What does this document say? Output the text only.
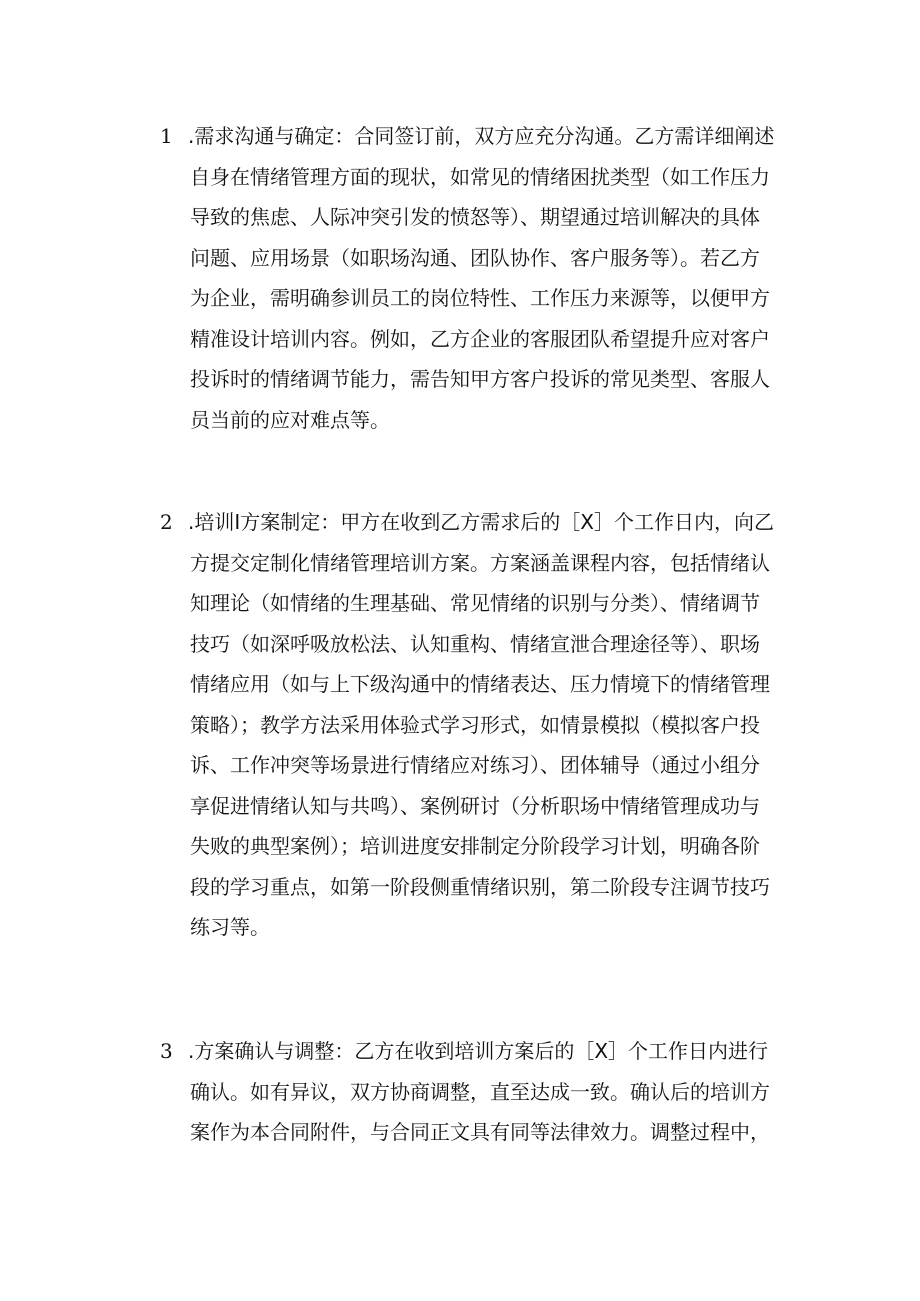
1 .需求沟通与确定：合同签订前，双方应充分沟通。乙方需详细阐述
自身在情绪管理方面的现状，如常见的情绪困扰类型（如工作压力
导致的焦虑、人际冲突引发的愤怒等）、期望通过培训解决的具体
问题、应用场景（如职场沟通、团队协作、客户服务等）。若乙方
为企业，需明确参训员工的岗位特性、工作压力来源等，以便甲方
精准设计培训内容。例如，乙方企业的客服团队希望提升应对客户
投诉时的情绪调节能力，需告知甲方客户投诉的常见类型、客服人
员当前的应对难点等。

2 .培训I方案制定：甲方在收到乙方需求后的［X］个工作日内，向乙
方提交定制化情绪管理培训方案。方案涵盖课程内容，包括情绪认
知理论（如情绪的生理基础、常见情绪的识别与分类）、情绪调节
技巧（如深呼吸放松法、认知重构、情绪宣泄合理途径等）、职场
情绪应用（如与上下级沟通中的情绪表达、压力情境下的情绪管理
策略）；教学方法采用体验式学习形式，如情景模拟（模拟客户投
诉、工作冲突等场景进行情绪应对练习）、团体辅导（通过小组分
享促进情绪认知与共鸣）、案例研讨（分析职场中情绪管理成功与
失败的典型案例）；培训进度安排制定分阶段学习计划，明确各阶
段的学习重点，如第一阶段侧重情绪识别，第二阶段专注调节技巧
练习等。

3 .方案确认与调整：乙方在收到培训方案后的［X］个工作日内进行
确认。如有异议，双方协商调整，直至达成一致。确认后的培训方
案作为本合同附件，与合同正文具有同等法律效力。调整过程中，
